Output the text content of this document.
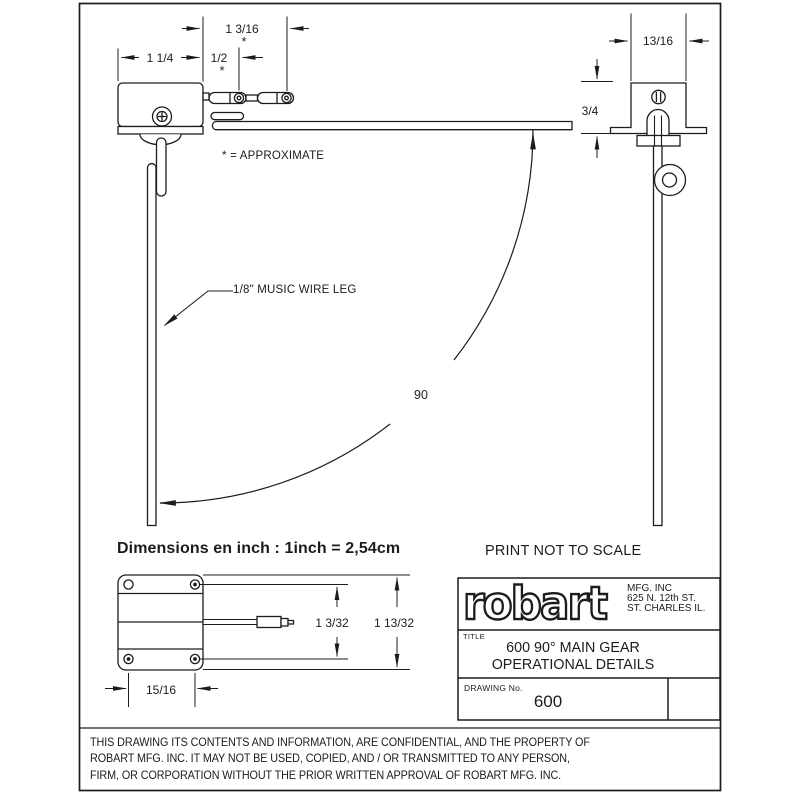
robart
1 1/4	1/2
*
1 3/16
*
* = APPROXIMATE
13/16
3/4
1/8" MUSIC WIRE LEG
90
Dimensions en inch : 1inch = 2,54cm	PRINT NOT TO SCALE
1 3/32 1 13/32
15/16
MFG. INC
625 N. 12th ST.
ST. CHARLES IL.
TITLE
600 90° MAIN GEAR
OPERATIONAL DETAILS
DRAWING No.
600
THIS DRAWING ITS CONTENTS AND INFORMATION, ARE CONFIDENTIAL, AND THE PROPERTY OF
ROBART MFG. INC. IT MAY NOT BE USED, COPIED, AND / OR TRANSMITTED TO ANY PERSON,
FIRM, OR CORPORATION WITHOUT THE PRIOR WRITTEN APPROVAL OF ROBART MFG. INC.
